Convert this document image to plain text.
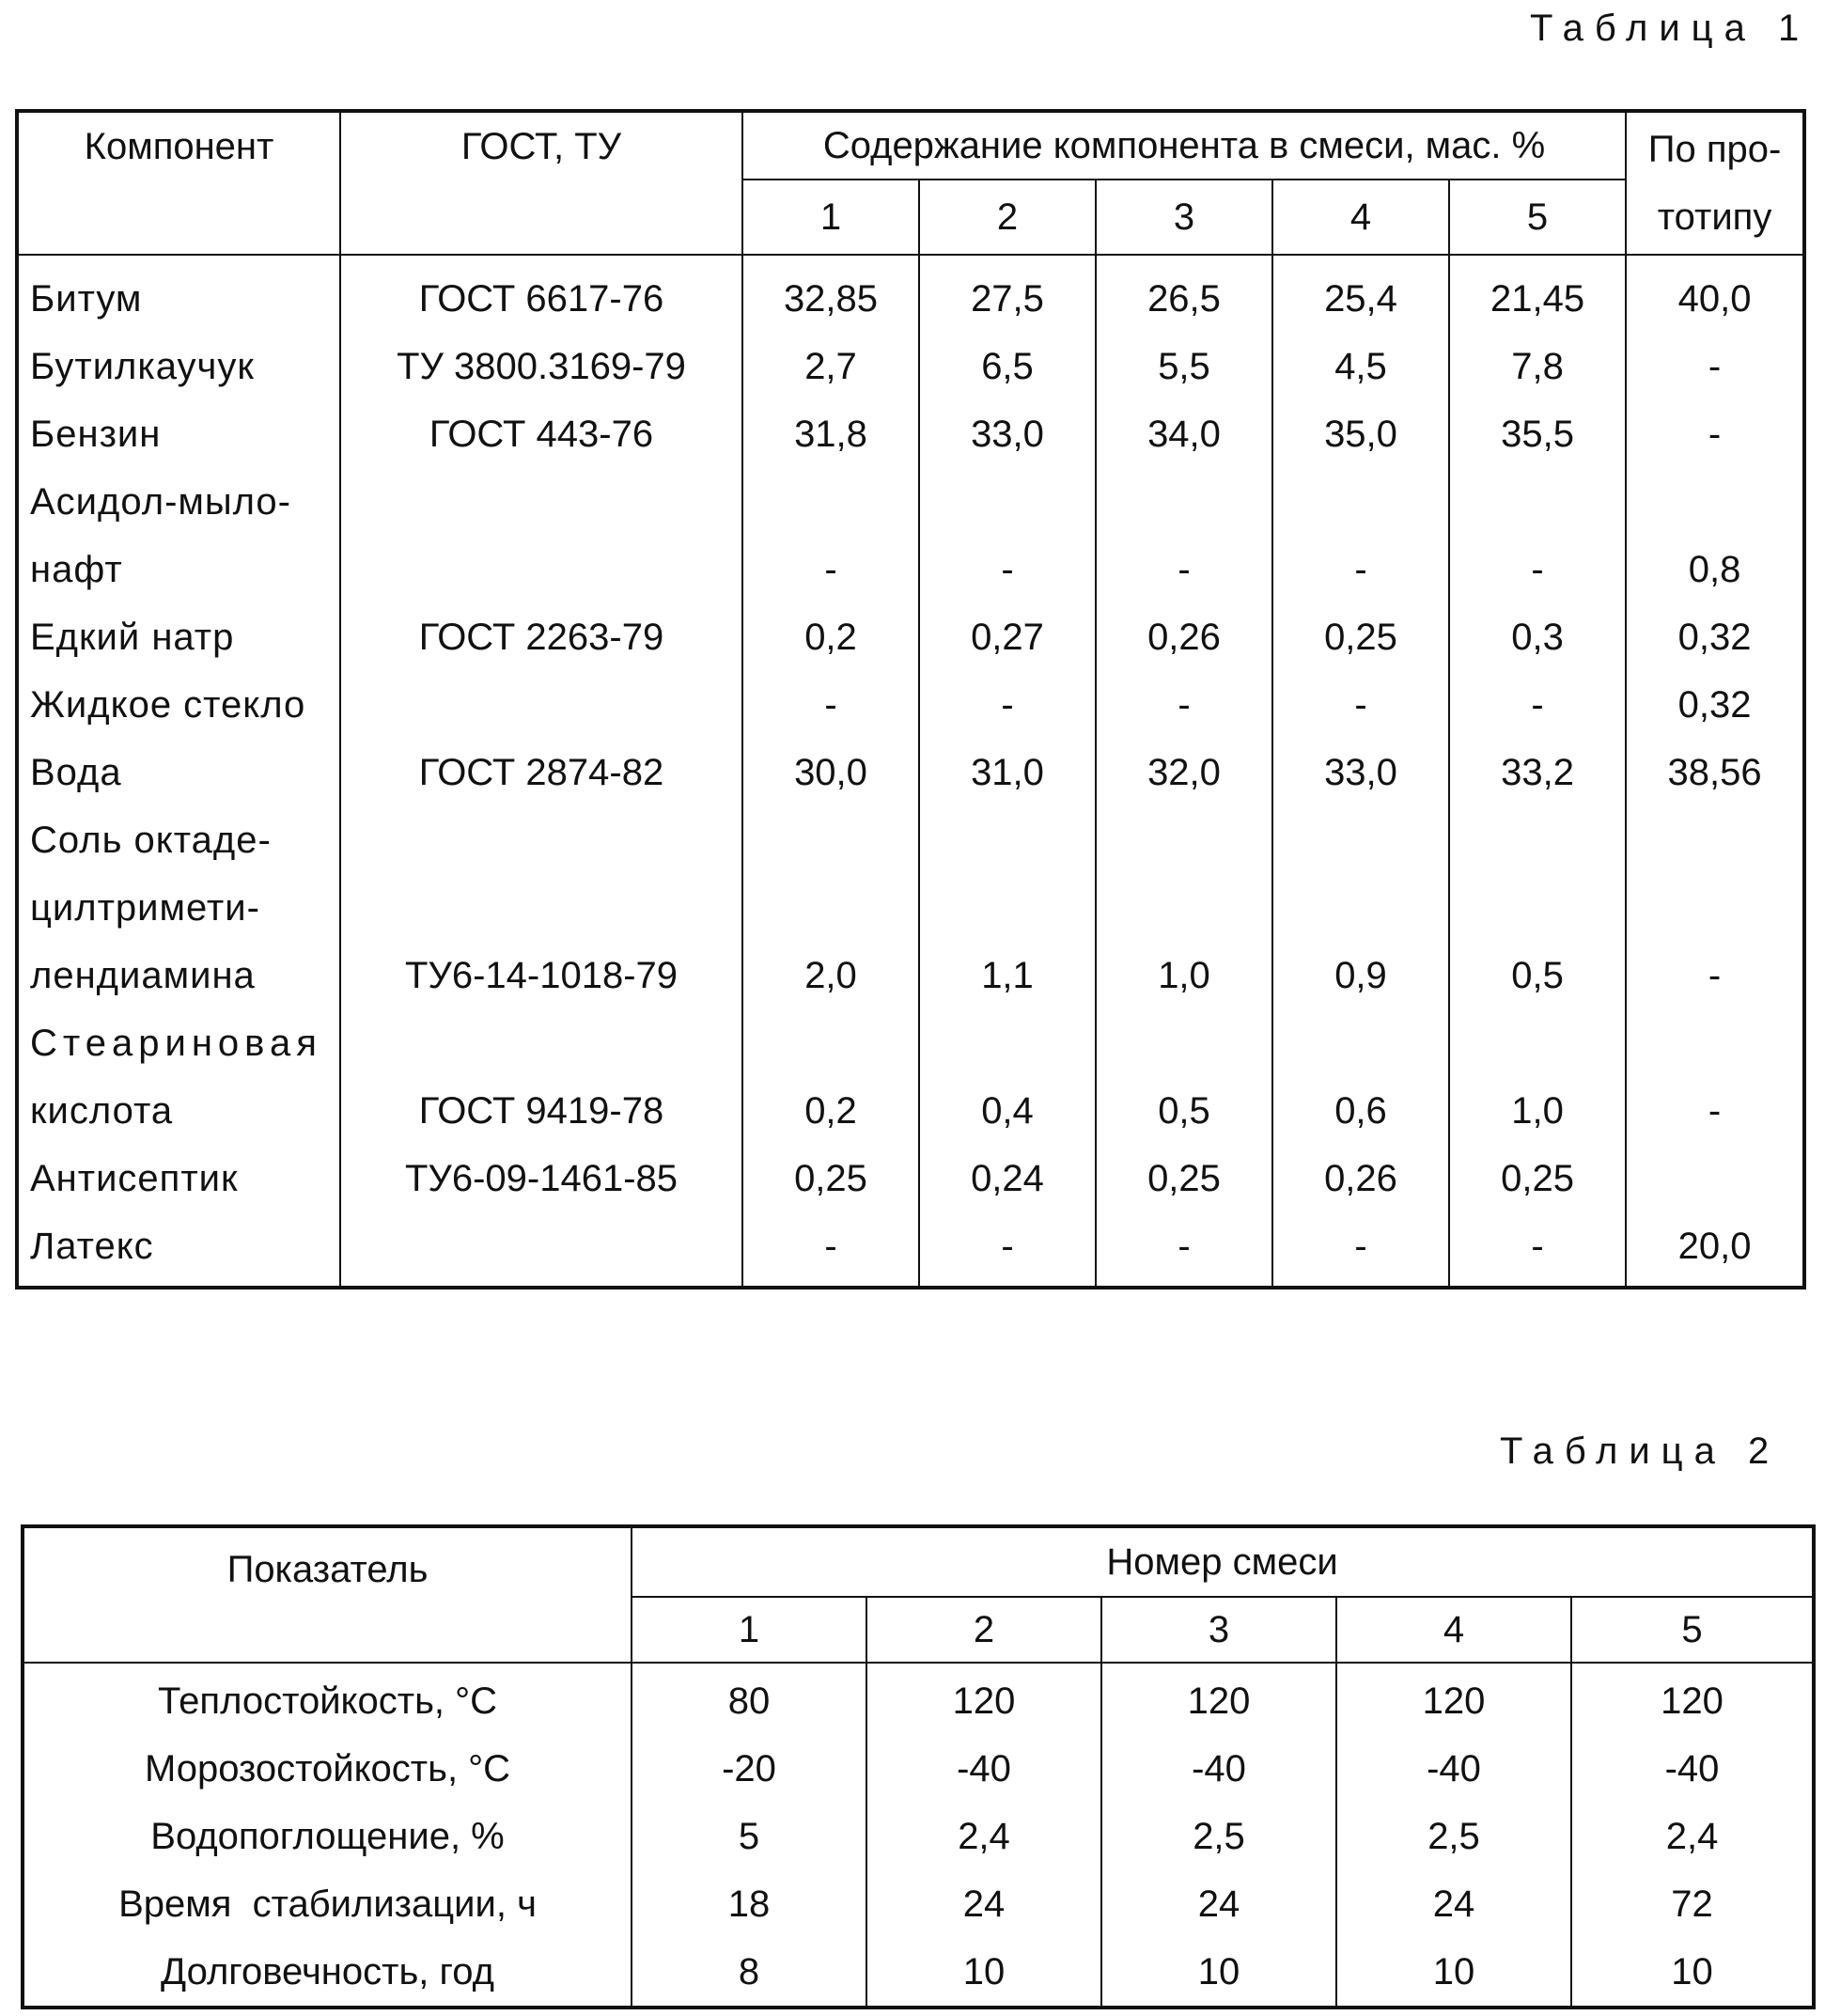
Таблица 1
Компонент	ГОСТ, ТУ	Содержание компонента в смеси, мас. %					По про-
тотипу
		1	2	3	4	5	
Битум	ГОСТ 6617-76	32,85	27,5	26,5	25,4	21,45	40,0
Бутилкаучук	ТУ 3800.3169-79	2,7	6,5	5,5	4,5	7,8	-
Бензин	ГОСТ 443-76	31,8	33,0	34,0	35,0	35,5	-
Асидол-мыло-
нафт		-	-	-	-	-	0,8
Едкий натр	ГОСТ 2263-79	0,2	0,27	0,26	0,25	0,3	0,32
Жидкое стекло		-	-	-	-	-	0,32
Вода	ГОСТ 2874-82	30,0	31,0	32,0	33,0	33,2	38,56
Соль октаде-
цилтримети-
лендиамина	ТУ6-14-1018-79	2,0	1,1	1,0	0,9	0,5	-
Стеариновая
кислота	ГОСТ 9419-78	0,2	0,4	0,5	0,6	1,0	-
Антисептик	ТУ6-09-1461-85	0,25	0,24	0,25	0,26	0,25	
Латекс		-	-	-	-	-	20,0
Таблица 2
Показатель	Номер смеси				
	1	2	3	4	5
Теплостойкость, °С	80	120	120	120	120
Морозостойкость, °С	-20	-40	-40	-40	-40
Водопоглощение, %	5	2,4	2,5	2,5	2,4
Время  стабилизации, ч	18	24	24	24	72
Долговечность, год	8	10	10	10	10
